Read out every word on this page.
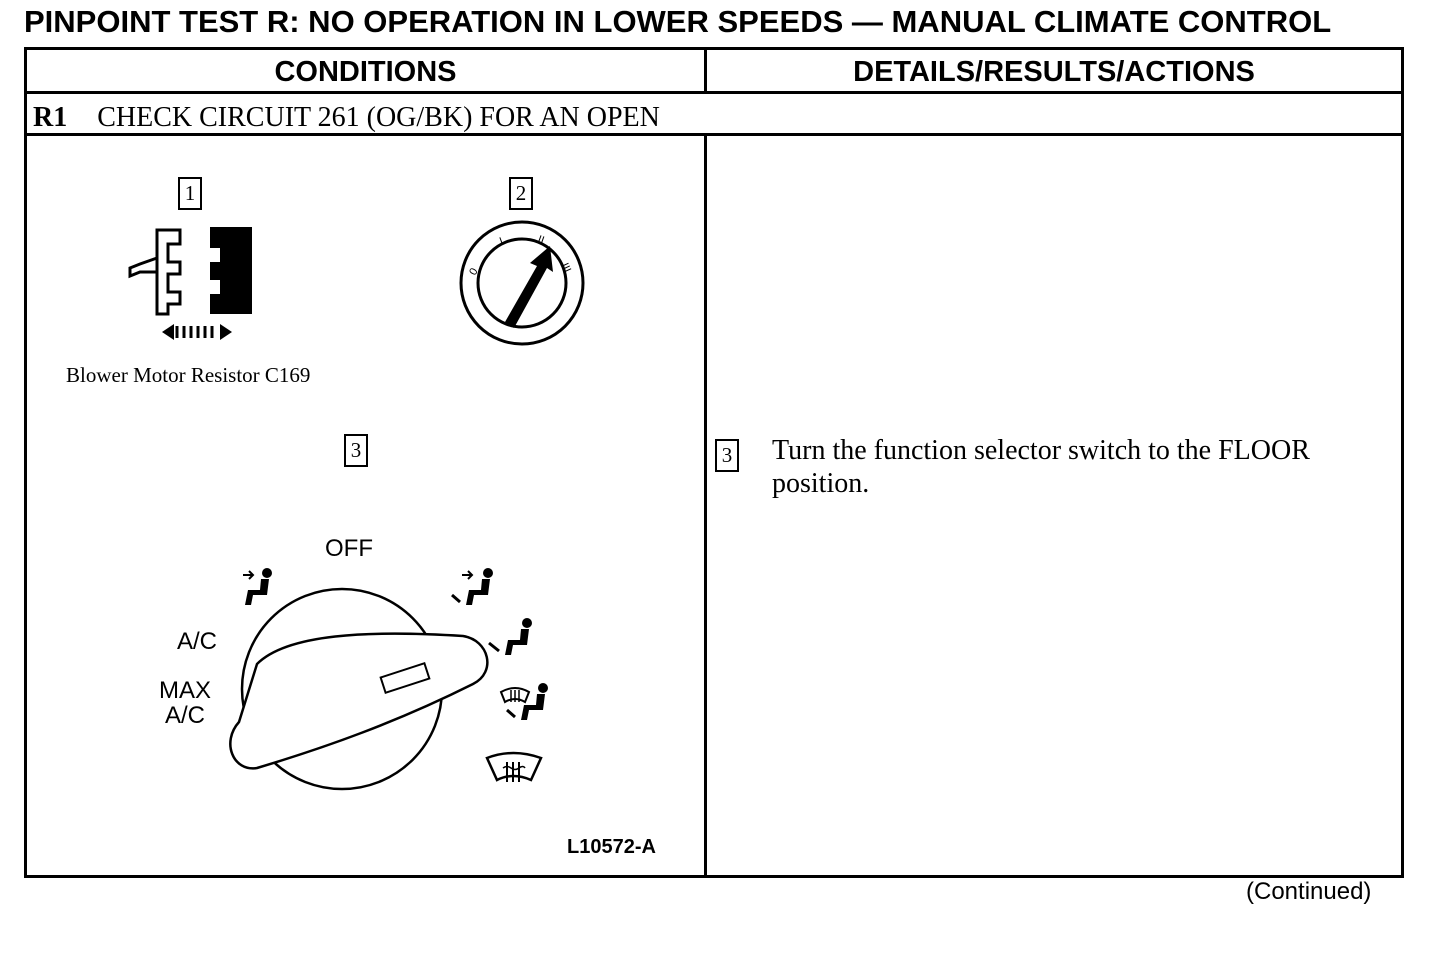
PINPOINT TEST R: NO OPERATION IN LOWER SPEEDS — MANUAL CLIMATE CONTROL
CONDITIONS	DETAILS/RESULTS/ACTIONS
R1 CHECK CIRCUIT 261 (OG/BK) FOR AN OPEN
1	2
3
Blower Motor Resistor C169
0
I	II
III
OFF
A/C
MAX
A/C
L10572-A
3 Turn the function selector switch to the FLOOR position.
(Continued)
